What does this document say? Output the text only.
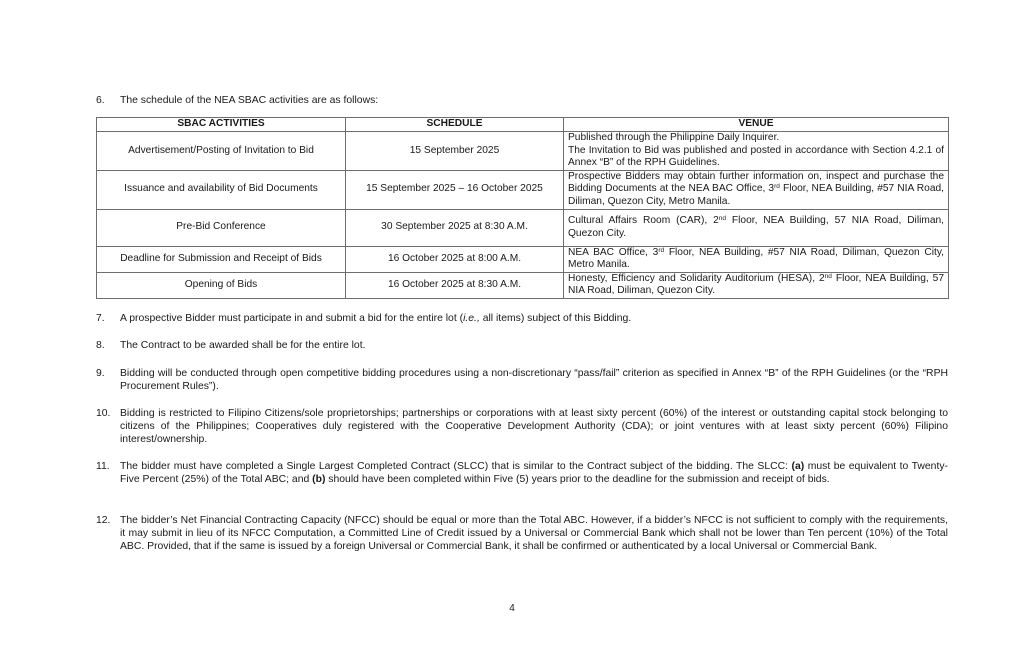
6. The schedule of the NEA SBAC activities are as follows:
SBAC ACTIVITIES	SCHEDULE	VENUE
Advertisement/Posting of Invitation to Bid	15 September 2025	Published through the Philippine Daily Inquirer.
The Invitation to Bid was published and posted in accordance with Section 4.2.1 of Annex “B” of the RPH Guidelines.

Issuance and availability of Bid Documents	15 September 2025 – 16 October 2025	Prospective Bidders may obtain further information on, inspect and purchase the Bidding Documents at the NEA BAC Office, 3rd Floor, NEA Building, #57 NIA Road, Diliman, Quezon City, Metro Manila.
Pre-Bid Conference	30 September 2025 at 8:30 A.M.	Cultural Affairs Room (CAR), 2nd Floor, NEA Building, 57 NIA Road, Diliman, Quezon City.
Deadline for Submission and Receipt of Bids	16 October 2025 at 8:00 A.M.	NEA BAC Office, 3rd Floor, NEA Building, #57 NIA Road, Diliman, Quezon City, Metro Manila.
Opening of Bids	16 October 2025 at 8:30 A.M.	Honesty, Efficiency and Solidarity Auditorium (HESA), 2nd Floor, NEA Building, 57 NIA Road, Diliman, Quezon City.
7. A prospective Bidder must participate in and submit a bid for the entire lot (i.e., all items) subject of this Bidding.
8. The Contract to be awarded shall be for the entire lot.
9. Bidding will be conducted through open competitive bidding procedures using a non-discretionary “pass/fail” criterion as specified in Annex “B” of the RPH Guidelines (or the “RPH Procurement Rules”).
10. Bidding is restricted to Filipino Citizens/sole proprietorships; partnerships or corporations with at least sixty percent (60%) of the interest or outstanding capital stock belonging to citizens of the Philippines; Cooperatives duly registered with the Cooperative Development Authority (CDA); or joint ventures with at least sixty percent (60%) Filipino interest/ownership.
11. The bidder must have completed a Single Largest Completed Contract (SLCC) that is similar to the Contract subject of the bidding. The SLCC: (a) must be equivalent to Twenty-Five Percent (25%) of the Total ABC; and (b) should have been completed within Five (5) years prior to the deadline for the submission and receipt of bids.
12. The bidder’s Net Financial Contracting Capacity (NFCC) should be equal or more than the Total ABC. However, if a bidder’s NFCC is not sufficient to comply with the requirements, it may submit in lieu of its NFCC Computation, a Committed Line of Credit issued by a Universal or Commercial Bank which shall not be lower than Ten percent (10%) of the Total ABC. Provided, that if the same is issued by a foreign Universal or Commercial Bank, it shall be confirmed or authenticated by a local Universal or Commercial Bank.
4
